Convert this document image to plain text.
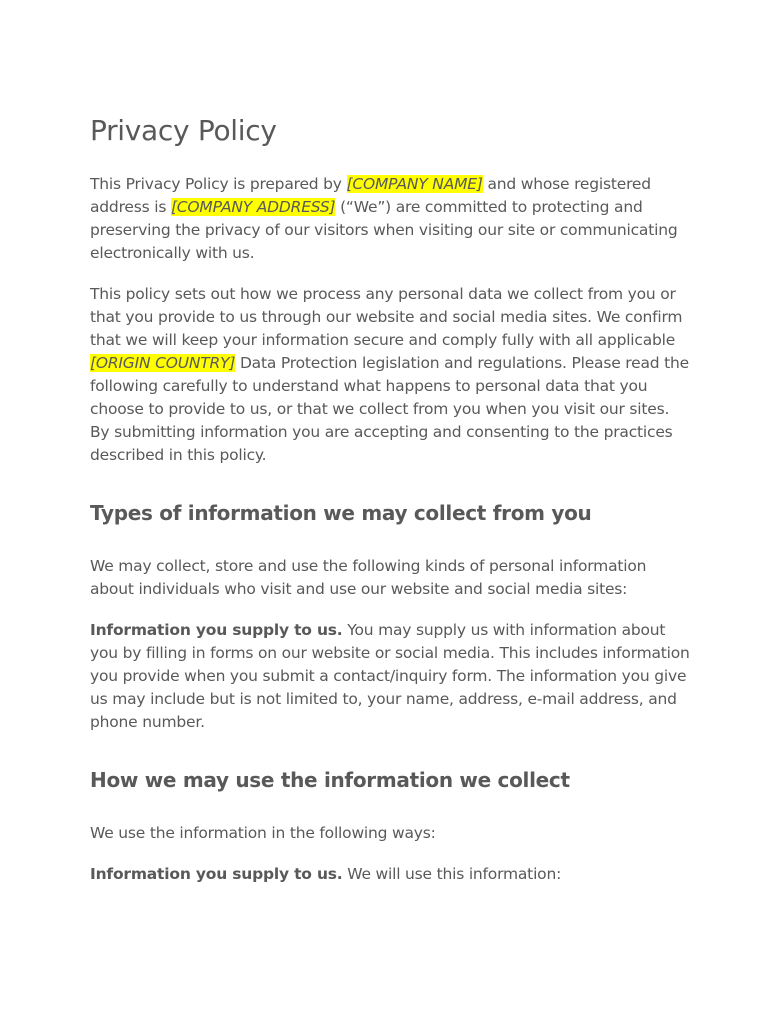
Privacy Policy

This Privacy Policy is prepared by [COMPANY NAME] and whose registered address is [COMPANY ADDRESS] (“We”) are committed to protecting and preserving the privacy of our visitors when visiting our site or communicating electronically with us.

This policy sets out how we process any personal data we collect from you or that you provide to us through our website and social media sites. We confirm that we will keep your information secure and comply fully with all applicable [ORIGIN COUNTRY] Data Protection legislation and regulations. Please read the following carefully to understand what happens to personal data that you choose to provide to us, or that we collect from you when you visit our sites. By submitting information you are accepting and consenting to the practices described in this policy.

Types of information we may collect from you

We may collect, store and use the following kinds of personal information about individuals who visit and use our website and social media sites:

Information you supply to us. You may supply us with information about you by filling in forms on our website or social media. This includes information you provide when you submit a contact/inquiry form. The information you give us may include but is not limited to, your name, address, e-mail address, and phone number.

How we may use the information we collect

We use the information in the following ways:

Information you supply to us. We will use this information:
